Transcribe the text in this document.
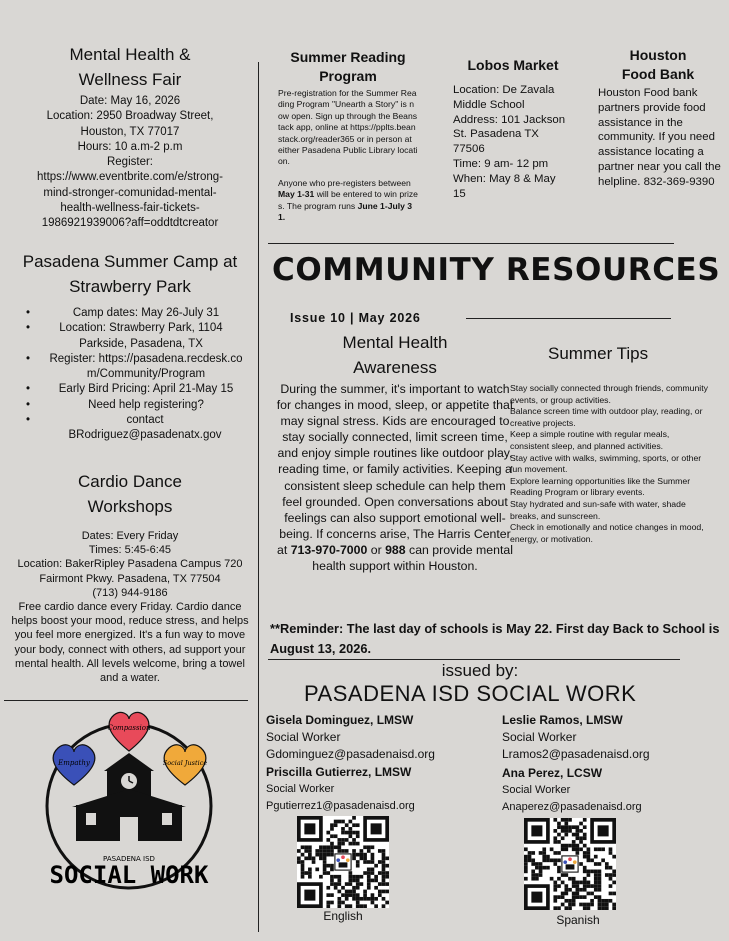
Mental Health & Wellness Fair
Date: May 16, 2026
Location: 2950 Broadway Street,
Houston, TX 77017
Hours: 10 a.m-2 p.m
Register:
https://www.eventbrite.com/e/strong-
mind-stronger-comunidad-mental-
health-wellness-fair-tickets-
1986921939006?aff=oddtdtcreator
Pasadena Summer Camp at Strawberry Park
• Camp dates: May 26-July 31
• Location: Strawberry Park, 1104 Parkside, Pasadena, TX
• Register: https://pasadena.recdesk.com/Community/Program
• Early Bird Pricing: April 21-May 15
• Need help registering?
• contact BRodriguez@pasadenatx.gov
Cardio Dance Workshops
Dates: Every Friday
Times: 5:45-6:45
Location: BakerRipley Pasadena Campus 720
Fairmont Pkwy. Pasadena, TX 77504
(713) 944-9186
Free cardio dance every Friday. Cardio dance helps boost your mood, reduce stress, and helps you feel more energized. It's a fun way to move your body, connect with others, ad support your mental health. All levels welcome, bring a towel and a water.
Compassion
Empathy	Social Justice
PASADENA ISD
SOCIAL WORK
Summer Reading Program
Pre-registration for the Summer Reading Program "Unearth a Story" is now open. Sign up through the Beanstack app, online at https://pplts.beanstack.org/reader365 or in person at either Pasadena Public Library location.
Anyone who pre-registers between May 1-31 will be entered to win prizes. The program runs June 1-July 31.
Lobos Market
Location: De Zavala
Middle School
Address: 101 Jackson
St. Pasadena TX
77506
Time: 9 am- 12 pm
When: May 8 & May
15
Houston Food Bank
Houston Food bank partners provide food assistance in the community. If you need assistance locating a partner near you call the helpline. 832-369-9390
COMMUNITY RESOURCES
Issue 10 | May 2026
Mental Health Awareness
During the summer, it's important to watch for changes in mood, sleep, or appetite that may signal stress. Kids are encouraged to stay socially connected, limit screen time, and enjoy simple routines like outdoor play, reading time, or family activities. Keeping a consistent sleep schedule can help them feel grounded. Open conversations about feelings can also support emotional well-being. If concerns arise, The Harris Center at 713-970-7000 or 988 can provide mental health support within Houston.
Summer Tips
Stay socially connected through friends, community events, or group activities.
Balance screen time with outdoor play, reading, or creative projects.
Keep a simple routine with regular meals, consistent sleep, and planned activities.
Stay active with walks, swimming, sports, or other fun movement.
Explore learning opportunities like the Summer Reading Program or library events.
Stay hydrated and sun-safe with water, shade breaks, and sunscreen.
Check in emotionally and notice changes in mood, energy, or motivation.
**Reminder: The last day of schools is May 22. First day Back to School is August 13, 2026.
issued by:
PASADENA ISD SOCIAL WORK
Gisela Dominguez, LMSW
Social Worker
Gdominguez@pasadenaisd.org
Priscilla Gutierrez, LMSW
Social Worker
Pgutierrez1@pasadenaisd.org
Leslie Ramos, LMSW
Social Worker
Lramos2@pasadenaisd.org
Ana Perez, LCSW
Social Worker
Anaperez@pasadenaisd.org
English	Spanish
